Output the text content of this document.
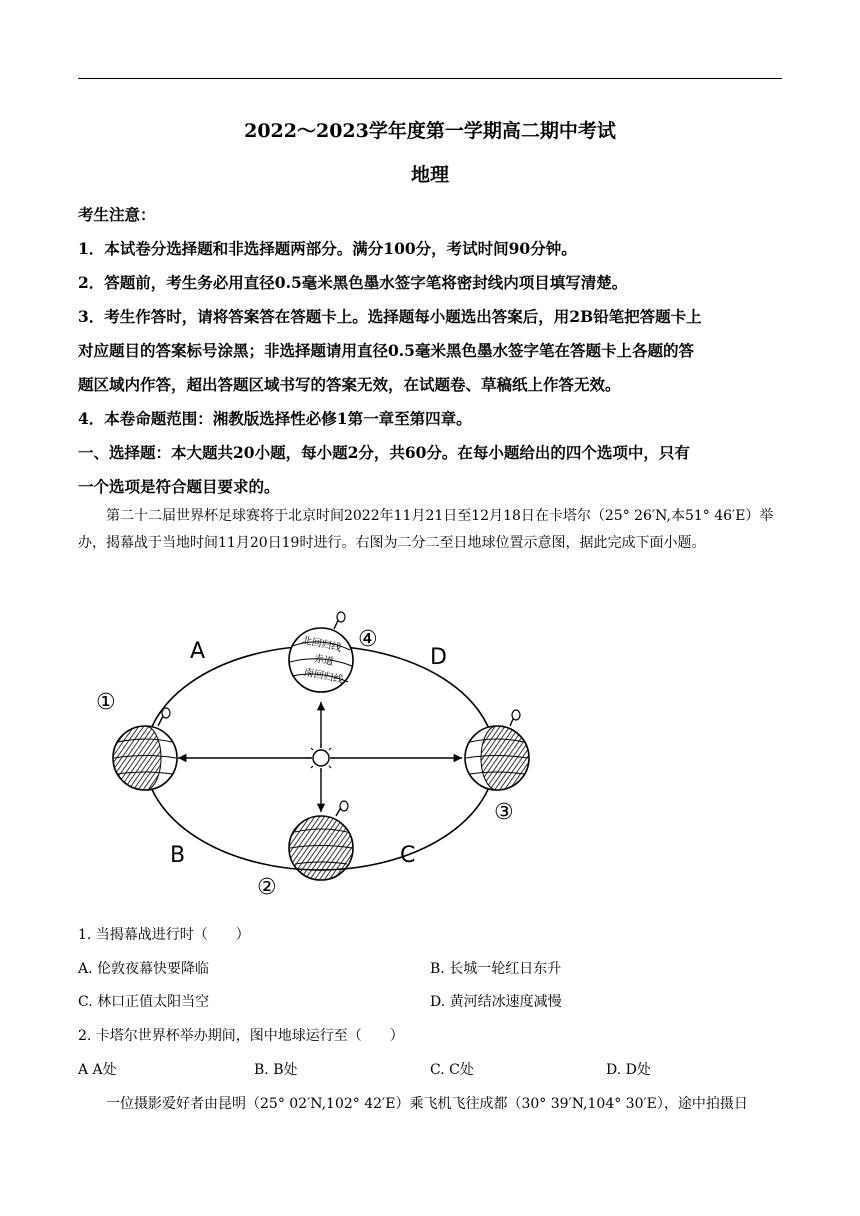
2022～2023学年度第一学期高二期中考试
地理
考生注意：
1．本试卷分选择题和非选择题两部分。满分100分，考试时间90分钟。
2．答题前，考生务必用直径0.5毫米黑色墨水签字笔将密封线内项目填写清楚。
3．考生作答时，请将答案答在答题卡上。选择题每小题选出答案后，用2B铅笔把答题卡上
对应题目的答案标号涂黑；非选择题请用直径0.5毫米黑色墨水签字笔在答题卡上各题的答
题区域内作答，超出答题区域书写的答案无效，在试题卷、草稿纸上作答无效。
4．本卷命题范围：湘教版选择性必修1第一章至第四章。
一、选择题：本大题共20小题，每小题2分，共60分。在每小题给出的四个选项中，只有
一个选项是符合题目要求的。
第二十二届世界杯足球赛将于北京时间2022年11月21日至12月18日在卡塔尔（25° 26′N,本51° 46′E）举办，揭幕战于当地时间11月20日19时进行。右图为二分二至日地球位置示意图，据此完成下面小题。
北回归线
赤道
南回归线
A
B	C
D
①
②
③
④
1. 当揭幕战进行时（　　）
A. 伦敦夜幕快要降临	B. 长城一轮红日东升
C. 林口正值太阳当空	D. 黄河结冰速度减慢
2. 卡塔尔世界杯举办期间，图中地球运行至（　　）
A A处	B. B处	C. C处	D. D处
一位摄影爱好者由昆明（25° 02′N,102° 42′E）乘飞机飞往成都（30° 39′N,104° 30′E），途中拍摄日
